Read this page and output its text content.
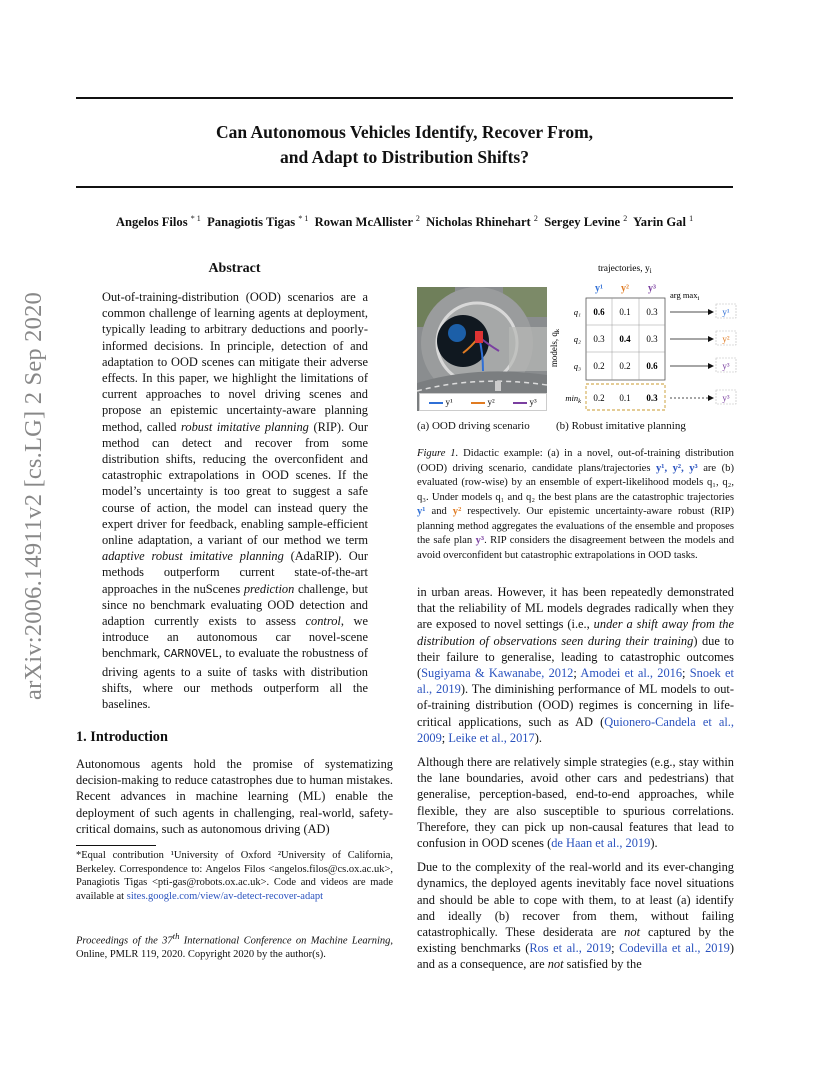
Can Autonomous Vehicles Identify, Recover From,
and Adapt to Distribution Shifts?
Angelos Filos $^{* 1}$ Panagiotis Tigas $^{* 1}$ Rowan McAllister $^2$ Nicholas Rhinehart $^2$ Sergey Levine $^2$ Yarin Gal $^1$
arXiv:2006.14911v2 [cs.LG] 2 Sep 2020
Abstract

Out-of-training-distribution (OOD) scenarios are a common challenge of learning agents at deployment, typically leading to arbitrary deductions and poorly-informed decisions. In principle, detection of and adaptation to OOD scenes can mitigate their adverse effects. In this paper, we highlight the limitations of current approaches to novel driving scenes and propose an epistemic uncertainty-aware planning method, called robust imitative planning (RIP). Our method can detect and recover from some distribution shifts, reducing the overconfident and catastrophic extrapolations in OOD scenes. If the model’s uncertainty is too great to suggest a safe course of action, the model can instead query the expert driver for feedback, enabling sample-efficient online adaptation, a variant of our method we term adaptive robust imitative planning (AdaRIP). Our methods outperform current state-of-the-art approaches in the nuScenes prediction challenge, but since no benchmark evaluating OOD detection and adaption currently exists to assess control, we introduce an autonomous car novel-scene benchmark, CARNOVEL, to evaluate the robustness of driving agents to a suite of tasks with distribution shifts, where our methods outperform all the baselines.

1. Introduction

Autonomous agents hold the promise of systematizing decision-making to reduce catastrophes due to human mistakes. Recent advances in machine learning (ML) enable the deployment of such agents in challenging, real-world, safety-critical domains, such as autonomous driving (AD)

*Equal contribution ¹University of Oxford ²University of California, Berkeley. Correspondence to: Angelos Filos <angelos.filos@cs.ox.ac.uk>, Panagiotis Tigas <pti-gas@robots.ox.ac.uk>. Code and videos are made available at sites.google.com/view/av-detect-recover-adapt

Proceedings of the 37th International Conference on Machine Learning, Online, PMLR 119, 2020. Copyright 2020 by the author(s).

y¹	y²	y³
(a) OOD driving scenario
trajectories, $y_i$
arg $\max_i$
y¹ y² y³
models, $q_k$
q₁ 0.6 0.1 0.3	y¹
q₂ 0.3 0.4 0.3	y²
q₃ 0.2 0.2 0.6	y³
$\min_k 0.2$ 0.1 0.3	y³
(b) Robust imitative planning

Figure 1. Didactic example: (a) in a novel, out-of-training distribution (OOD) driving scenario, candidate plans/trajectories y¹, y², y³ are (b) evaluated (row-wise) by an ensemble of expert-likelihood models q₁, q₂, q₃. Under models q₁ and q₂ the best plans are the catastrophic trajectories y¹ and y² respectively. Our epistemic uncertainty-aware robust (RIP) planning method aggregates the evaluations of the ensemble and proposes the safe plan y³. RIP considers the disagreement between the models and avoid overconfident but catastrophic extrapolations in OOD tasks.

in urban areas. However, it has been repeatedly demonstrated that the reliability of ML models degrades radically when they are exposed to novel settings (i.e., under a shift away from the distribution of observations seen during their training) due to their failure to generalise, leading to catastrophic outcomes (Sugiyama & Kawanabe, 2012; Amodei et al., 2016; Snoek et al., 2019). The diminishing performance of ML models to out-of-training distribution (OOD) regimes is concerning in life-critical applications, such as AD (Quionero-Candela et al., 2009; Leike et al., 2017).

Although there are relatively simple strategies (e.g., stay within the lane boundaries, avoid other cars and pedestrians) that generalise, perception-based, end-to-end approaches, while flexible, they are also susceptible to spurious correlations. Therefore, they can pick up non-causal features that lead to confusion in OOD scenes (de Haan et al., 2019).

Due to the complexity of the real-world and its ever-changing dynamics, the deployed agents inevitably face novel situations and should be able to cope with them, to at least (a) identify and ideally (b) recover from them, without failing catastrophically. These desiderata are not captured by the existing benchmarks (Ros et al., 2019; Codevilla et al., 2019) and as a consequence, are not satisfied by the
